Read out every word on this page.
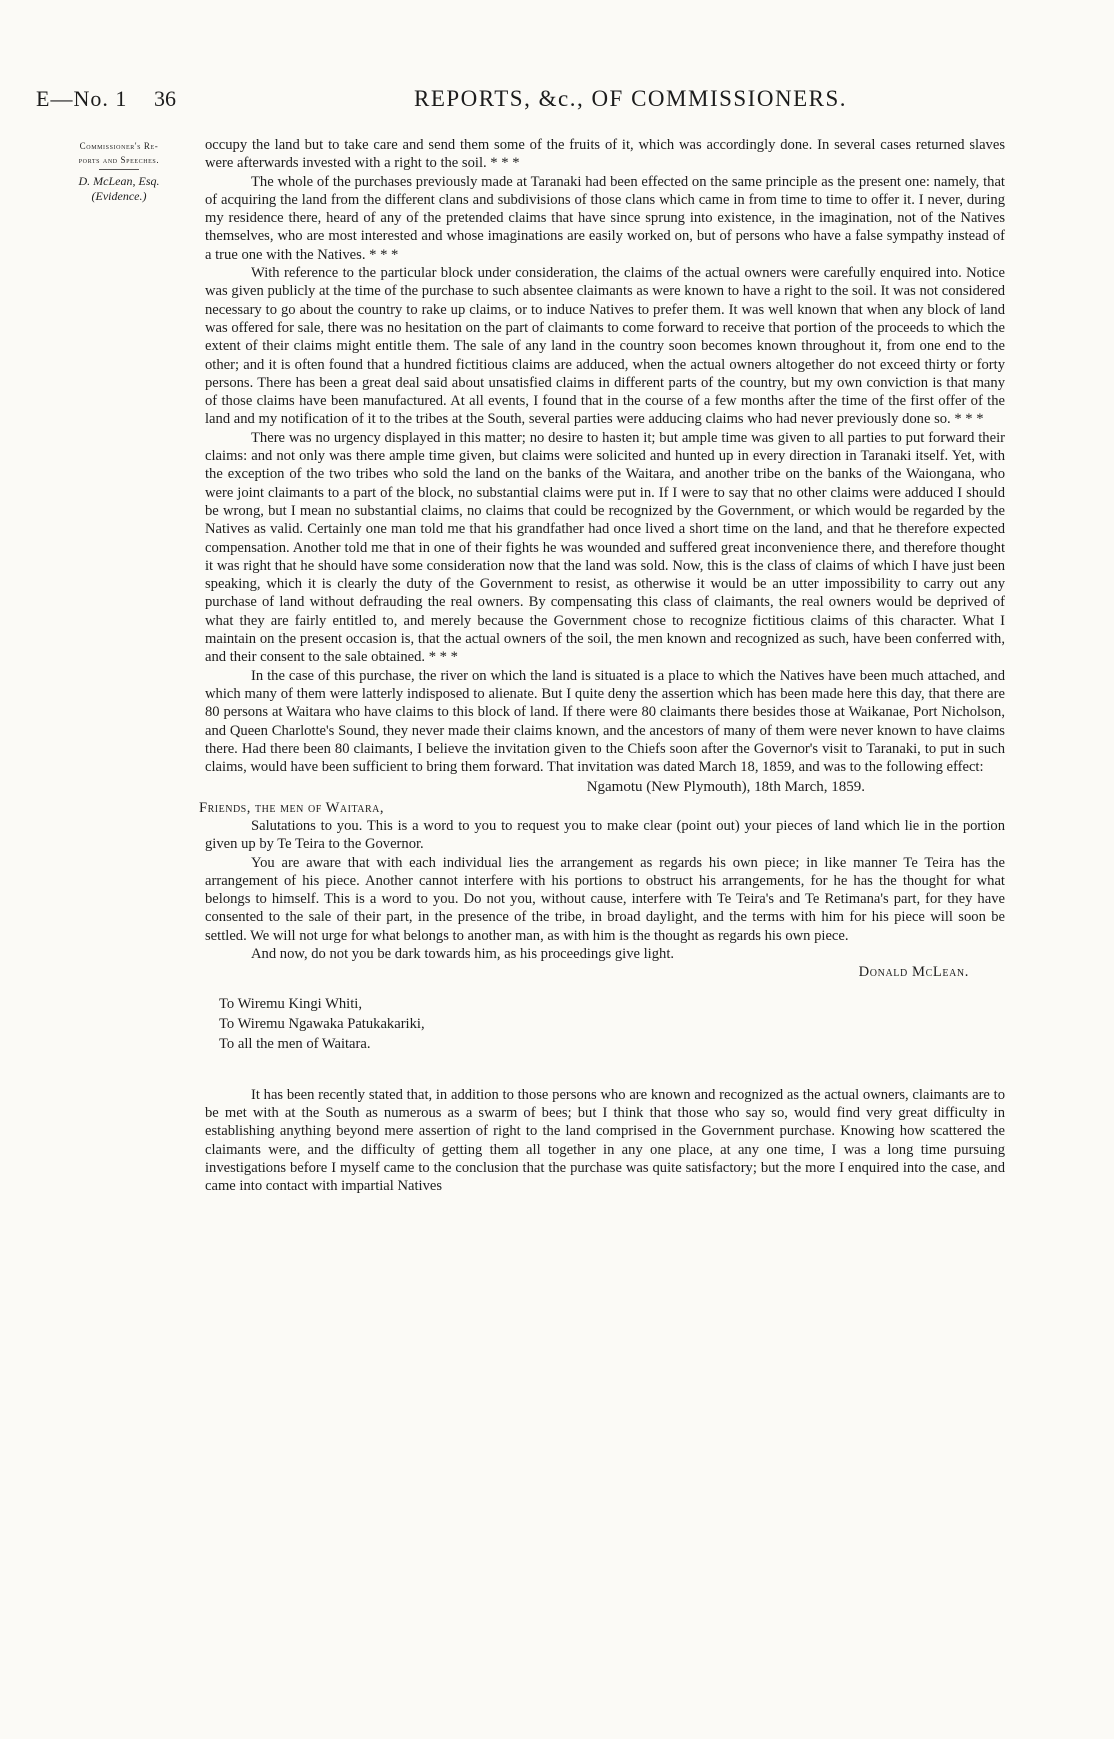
E—No. 1 36	REPORTS, &c., OF COMMISSIONERS.
Commissioner's Re-
ports and Speeches.
D. McLean, Esq.
(Evidence.)

occupy the land but to take care and send them some of the fruits of it, which was accordingly done. In several cases returned slaves were afterwards invested with a right to the soil. * * *

The whole of the purchases previously made at Taranaki had been effected on the same principle as the present one: namely, that of acquiring the land from the different clans and subdivisions of those clans which came in from time to time to offer it. I never, during my residence there, heard of any of the pretended claims that have since sprung into existence, in the imagination, not of the Natives themselves, who are most interested and whose imaginations are easily worked on, but of persons who have a false sympathy instead of a true one with the Natives. * * *

With reference to the particular block under consideration, the claims of the actual owners were carefully enquired into. Notice was given publicly at the time of the purchase to such absentee claimants as were known to have a right to the soil. It was not considered necessary to go about the country to rake up claims, or to induce Natives to prefer them. It was well known that when any block of land was offered for sale, there was no hesitation on the part of claimants to come forward to receive that portion of the proceeds to which the extent of their claims might entitle them. The sale of any land in the country soon becomes known throughout it, from one end to the other; and it is often found that a hundred fictitious claims are adduced, when the actual owners altogether do not exceed thirty or forty persons. There has been a great deal said about unsatisfied claims in different parts of the country, but my own conviction is that many of those claims have been manufactured. At all events, I found that in the course of a few months after the time of the first offer of the land and my notification of it to the tribes at the South, several parties were adducing claims who had never previously done so. * * *

There was no urgency displayed in this matter; no desire to hasten it; but ample time was given to all parties to put forward their claims: and not only was there ample time given, but claims were solicited and hunted up in every direction in Taranaki itself. Yet, with the exception of the two tribes who sold the land on the banks of the Waitara, and another tribe on the banks of the Waiongana, who were joint claimants to a part of the block, no substantial claims were put in. If I were to say that no other claims were adduced I should be wrong, but I mean no substantial claims, no claims that could be recognized by the Government, or which would be regarded by the Natives as valid. Certainly one man told me that his grandfather had once lived a short time on the land, and that he therefore expected compensation. Another told me that in one of their fights he was wounded and suffered great inconvenience there, and therefore thought it was right that he should have some consideration now that the land was sold. Now, this is the class of claims of which I have just been speaking, which it is clearly the duty of the Government to resist, as otherwise it would be an utter impossibility to carry out any purchase of land without defrauding the real owners. By compensating this class of claimants, the real owners would be deprived of what they are fairly entitled to, and merely because the Government chose to recognize fictitious claims of this character. What I maintain on the present occasion is, that the actual owners of the soil, the men known and recognized as such, have been conferred with, and their consent to the sale obtained. * * *

In the case of this purchase, the river on which the land is situated is a place to which the Natives have been much attached, and which many of them were latterly indisposed to alienate. But I quite deny the assertion which has been made here this day, that there are 80 persons at Waitara who have claims to this block of land. If there were 80 claimants there besides those at Waikanae, Port Nicholson, and Queen Charlotte's Sound, they never made their claims known, and the ancestors of many of them were never known to have claims there. Had there been 80 claimants, I believe the invitation given to the Chiefs soon after the Governor's visit to Taranaki, to put in such claims, would have been sufficient to bring them forward. That invitation was dated March 18, 1859, and was to the following effect:

Ngamotu (New Plymouth), 18th March, 1859.
Friends, the men of Waitara,

Salutations to you. This is a word to you to request you to make clear (point out) your pieces of land which lie in the portion given up by Te Teira to the Governor.

You are aware that with each individual lies the arrangement as regards his own piece; in like manner Te Teira has the arrangement of his piece. Another cannot interfere with his portions to obstruct his arrangements, for he has the thought for what belongs to himself. This is a word to you. Do not you, without cause, interfere with Te Teira's and Te Retimana's part, for they have consented to the sale of their part, in the presence of the tribe, in broad daylight, and the terms with him for his piece will soon be settled. We will not urge for what belongs to another man, as with him is the thought as regards his own piece.

And now, do not you be dark towards him, as his proceedings give light.

Donald McLean.
To Wiremu Kingi Whiti,
To Wiremu Ngawaka Patukakariki,
To all the men of Waitara.

It has been recently stated that, in addition to those persons who are known and recognized as the actual owners, claimants are to be met with at the South as numerous as a swarm of bees; but I think that those who say so, would find very great difficulty in establishing anything beyond mere assertion of right to the land comprised in the Government purchase. Knowing how scattered the claimants were, and the difficulty of getting them all together in any one place, at any one time, I was a long time pursuing investigations before I myself came to the conclusion that the purchase was quite satisfactory; but the more I enquired into the case, and came into contact with impartial Natives
